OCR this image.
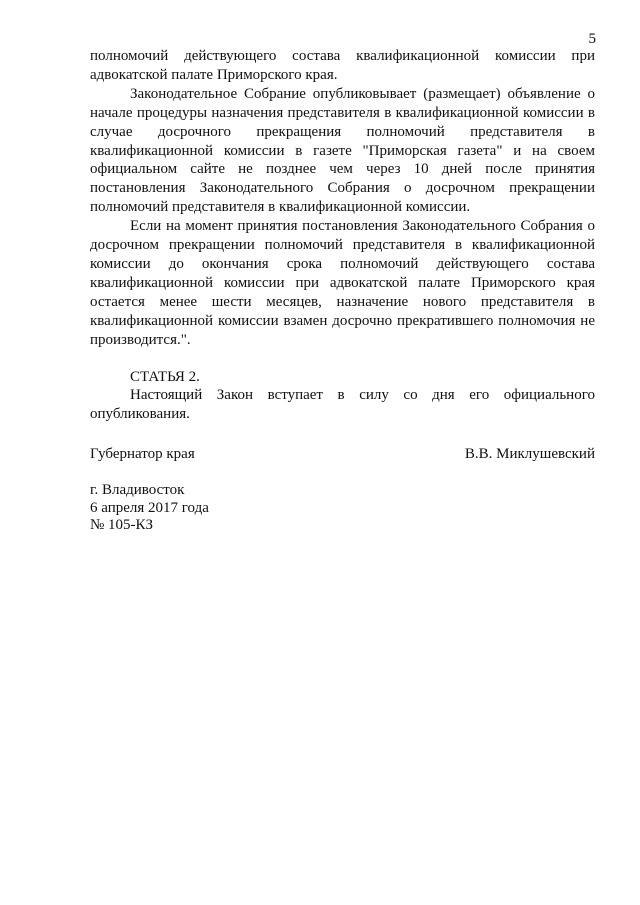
5

полномочий действующего состава квалификационной комиссии при адвокатской палате Приморского края.

Законодательное Собрание опубликовывает (размещает) объявление о начале процедуры назначения представителя в квалификационной комиссии в случае досрочного прекращения полномочий представителя в квалификационной комиссии в газете "Приморская газета" и на своем официальном сайте не позднее чем через 10 дней после принятия постановления Законодательного Собрания о досрочном прекращении полномочий представителя в квалификационной комиссии.

Если на момент принятия постановления Законодательного Собрания о досрочном прекращении полномочий представителя в квалификационной комиссии до окончания срока полномочий действующего состава квалификационной комиссии при адвокатской палате Приморского края остается менее шести месяцев, назначение нового представителя в квалификационной комиссии взамен досрочно прекратившего полномочия не производится.".

СТАТЬЯ 2.

Настоящий Закон вступает в силу со дня его официального опубликования.

Губернатор края	В.В. Миклушевский
г. Владивосток
6 апреля 2017 года
№ 105-КЗ
